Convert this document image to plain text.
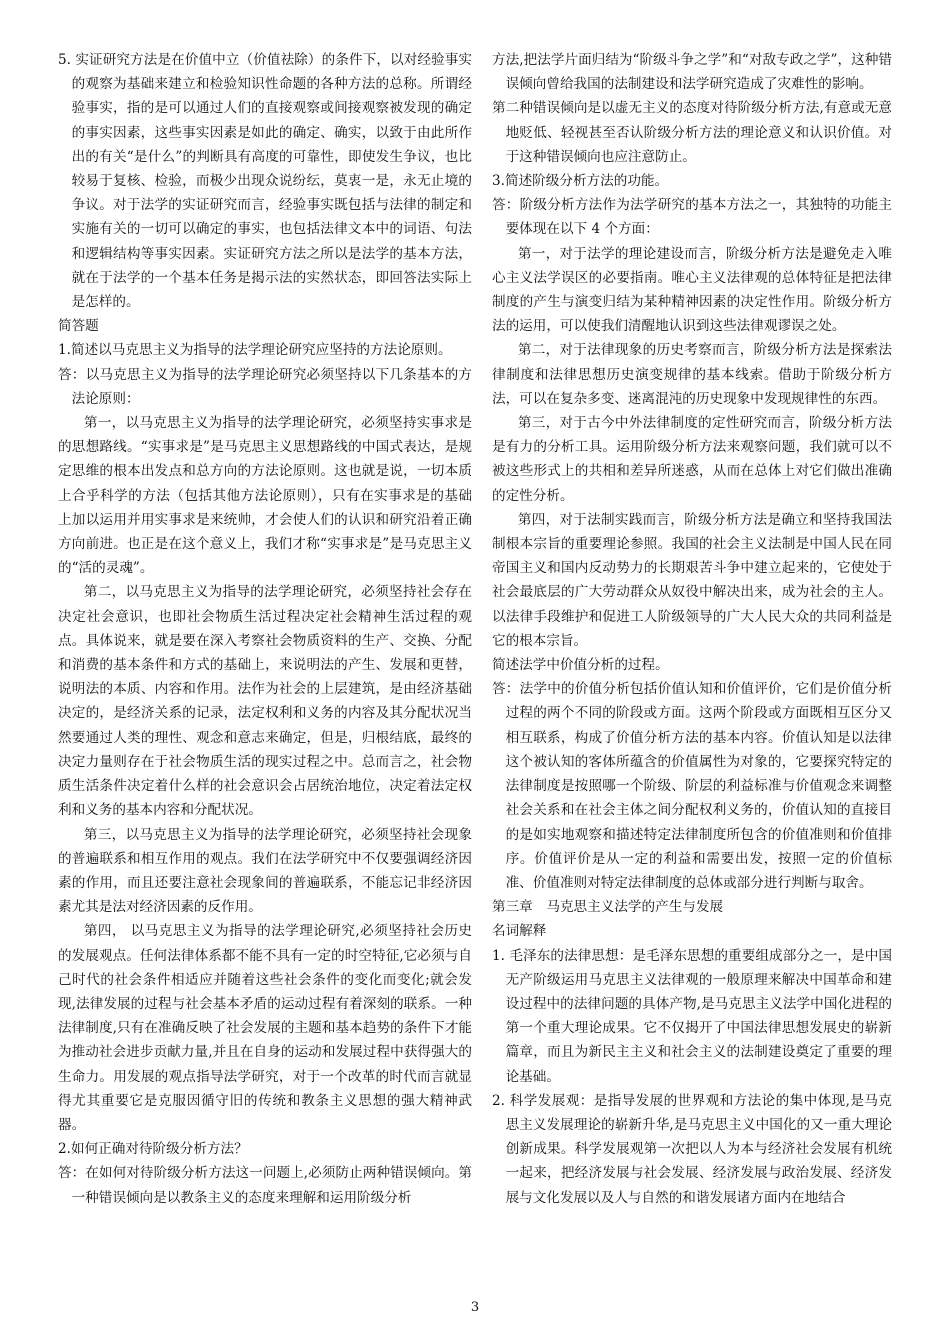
5. 实证研究方法是在价值中立（价值祛除）的条件下，以对经验事实的观察为基础来建立和检验知识性命题的各种方法的总称。所谓经验事实，指的是可以通过人们的直接观察或间接观察被发现的确定的事实因素，这些事实因素是如此的确定、确实，以致于由此所作出的有关“是什么”的判断具有高度的可靠性，即使发生争议，也比较易于复核、检验，而极少出现众说纷纭，莫衷一是，永无止境的争议。对于法学的实证研究而言，经验事实既包括与法律的制定和实施有关的一切可以确定的事实，也包括法律文本中的词语、句法和逻辑结构等事实因素。实证研究方法之所以是法学的基本方法，就在于法学的一个基本任务是揭示法的实然状态，即回答法实际上是怎样的。

简答题

1.简述以马克思主义为指导的法学理论研究应坚持的方法论原则。

答：以马克思主义为指导的法学理论研究必须坚持以下几条基本的方法论原则：

第一，以马克思主义为指导的法学理论研究，必须坚持实事求是的思想路线。“实事求是”是马克思主义思想路线的中国式表达，是规定思维的根本出发点和总方向的方法论原则。这也就是说，一切本质上合乎科学的方法（包括其他方法论原则），只有在实事求是的基础上加以运用并用实事求是来统帅，才会使人们的认识和研究沿着正确方向前进。也正是在这个意义上，我们才称“实事求是”是马克思主义的“活的灵魂”。

第二，以马克思主义为指导的法学理论研究，必须坚持社会存在决定社会意识，也即社会物质生活过程决定社会精神生活过程的观点。具体说来，就是要在深入考察社会物质资料的生产、交换、分配和消费的基本条件和方式的基础上，来说明法的产生、发展和更替，说明法的本质、内容和作用。法作为社会的上层建筑，是由经济基础决定的，是经济关系的记录，法定权利和义务的内容及其分配状况当然要通过人类的理性、观念和意志来确定，但是，归根结底，最终的决定力量则存在于社会物质生活的现实过程之中。总而言之，社会物质生活条件决定着什么样的社会意识会占居统治地位，决定着法定权利和义务的基本内容和分配状况。

第三，以马克思主义为指导的法学理论研究，必须坚持社会现象的普遍联系和相互作用的观点。我们在法学研究中不仅要强调经济因素的作用，而且还要注意社会现象间的普遍联系，不能忘记非经济因素尤其是法对经济因素的反作用。

第四， 以马克思主义为指导的法学理论研究,必须坚持社会历史的发展观点。任何法律体系都不能不具有一定的时空特征,它必须与自己时代的社会条件相适应并随着这些社会条件的变化而变化;就会发现,法律发展的过程与社会基本矛盾的运动过程有着深刻的联系。一种法律制度,只有在准确反映了社会发展的主题和基本趋势的条件下才能为推动社会进步贡献力量,并且在自身的运动和发展过程中获得强大的生命力。用发展的观点指导法学研究，对于一个改革的时代而言就显得尤其重要它是克服因循守旧的传统和教条主义思想的强大精神武器。

2.如何正确对待阶级分析方法？

答：在如何对待阶级分析方法这一问题上,必须防止两种错误倾向。第一种错误倾向是以教条主义的态度来理解和运用阶级分析

方法,把法学片面归结为“阶级斗争之学”和“对敌专政之学”，这种错误倾向曾给我国的法制建设和法学研究造成了灾难性的影响。

第二种错误倾向是以虚无主义的态度对待阶级分析方法,有意或无意地贬低、轻视甚至否认阶级分析方法的理论意义和认识价值。对于这种错误倾向也应注意防止。

3.简述阶级分析方法的功能。

答：阶级分析方法作为法学研究的基本方法之一，其独特的功能主要体现在以下 4 个方面：

第一，对于法学的理论建设而言，阶级分析方法是避免走入唯心主义法学误区的必要指南。唯心主义法律观的总体特征是把法律制度的产生与演变归结为某种精神因素的决定性作用。阶级分析方法的运用，可以使我们清醒地认识到这些法律观谬误之处。

第二，对于法律现象的历史考察而言，阶级分析方法是探索法律制度和法律思想历史演变规律的基本线索。借助于阶级分析方法，可以在复杂多变、迷离混沌的历史现象中发现规律性的东西。

第三，对于古今中外法律制度的定性研究而言，阶级分析方法是有力的分析工具。运用阶级分析方法来观察问题，我们就可以不被这些形式上的共相和差异所迷惑，从而在总体上对它们做出准确的定性分析。

第四，对于法制实践而言，阶级分析方法是确立和坚持我国法制根本宗旨的重要理论参照。我国的社会主义法制是中国人民在同帝国主义和国内反动势力的长期艰苦斗争中建立起来的，它使处于社会最底层的广大劳动群众从奴役中解决出来，成为社会的主人。以法律手段维护和促进工人阶级领导的广大人民大众的共同利益是它的根本宗旨。

简述法学中价值分析的过程。

答：法学中的价值分析包括价值认知和价值评价，它们是价值分析过程的两个不同的阶段或方面。这两个阶段或方面既相互区分又相互联系，构成了价值分析方法的基本内容。价值认知是以法律这个被认知的客体所蕴含的价值属性为对象的，它要探究特定的法律制度是按照哪一个阶级、阶层的利益标准与价值观念来调整社会关系和在社会主体之间分配权利义务的，价值认知的直接目的是如实地观察和描述特定法律制度所包含的价值准则和价值排序。价值评价是从一定的利益和需要出发，按照一定的价值标准、价值准则对特定法律制度的总体或部分进行判断与取舍。

第三章　马克思主义法学的产生与发展

名词解释

1. 毛泽东的法律思想：是毛泽东思想的重要组成部分之一，是中国无产阶级运用马克思主义法律观的一般原理来解决中国革命和建设过程中的法律问题的具体产物,是马克思主义法学中国化进程的第一个重大理论成果。它不仅揭开了中国法律思想发展史的崭新篇章，而且为新民主主义和社会主义的法制建设奠定了重要的理论基础。

2. 科学发展观：是指导发展的世界观和方法论的集中体现,是马克思主义发展理论的崭新升华,是马克思主义中国化的又一重大理论创新成果。科学发展观第一次把以人为本与经济社会发展有机统一起来，把经济发展与社会发展、经济发展与政治发展、经济发展与文化发展以及人与自然的和谐发展诸方面内在地结合

3
